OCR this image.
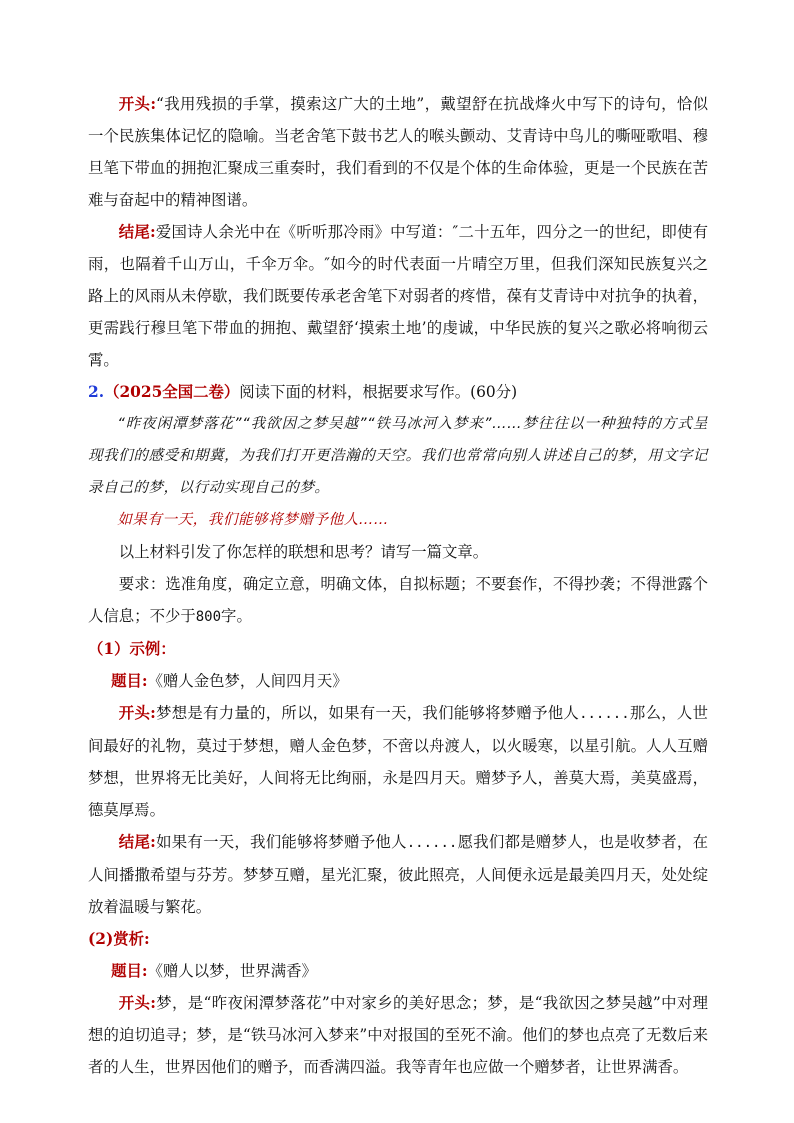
开头:“我用残损的手掌，摸索这广大的土地”，戴望舒在抗战烽火中写下的诗句，恰似一个民族集体记忆的隐喻。当老舍笔下鼓书艺人的喉头颤动、艾青诗中鸟儿的嘶哑歌唱、穆旦笔下带血的拥抱汇聚成三重奏时，我们看到的不仅是个体的生命体验，更是一个民族在苦难与奋起中的精神图谱。

结尾:爱国诗人余光中在《听听那冷雨》中写道：″二十五年，四分之一的世纪，即使有雨，也隔着千山万山，千伞万伞。″如今的时代表面一片晴空万里，但我们深知民族复兴之路上的风雨从未停歇，我们既要传承老舍笔下对弱者的疼惜，葆有艾青诗中对抗争的执着，更需践行穆旦笔下带血的拥抱、戴望舒‘摸索土地’的虔诚，中华民族的复兴之歌必将响彻云霄。

2.（2025全国二卷）阅读下面的材料，根据要求写作。(60分)

“昨夜闲潭梦落花”“我欲因之梦吴越”“铁马冰河入梦来”……梦往往以一种独特的方式呈现我们的感受和期冀，为我们打开更浩瀚的天空。我们也常常向别人讲述自己的梦，用文字记录自己的梦，以行动实现自己的梦。

如果有一天，我们能够将梦赠予他人……

以上材料引发了你怎样的联想和思考？请写一篇文章。

要求：选准角度，确定立意，明确文体，自拟标题；不要套作，不得抄袭；不得泄露个人信息；不少于800字。

（1）示例：

题目:《赠人金色梦，人间四月天》

开头:梦想是有力量的，所以，如果有一天，我们能够将梦赠予他人......那么，人世间最好的礼物，莫过于梦想，赠人金色梦，不啻以舟渡人，以火暖寒，以星引航。人人互赠梦想，世界将无比美好，人间将无比绚丽，永是四月天。赠梦予人，善莫大焉，美莫盛焉，德莫厚焉。

结尾:如果有一天，我们能够将梦赠予他人......愿我们都是赠梦人，也是收梦者，在人间播撒希望与芬芳。梦梦互赠，星光汇聚，彼此照亮，人间便永远是最美四月天，处处绽放着温暖与繁花。

(2)赏析:

题目:《赠人以梦，世界满香》

开头:梦，是“昨夜闲潭梦落花”中对家乡的美好思念；梦，是“我欲因之梦吴越”中对理想的迫切追寻；梦，是“铁马冰河入梦来”中对报国的至死不渝。他们的梦也点亮了无数后来者的人生，世界因他们的赠予，而香满四溢。我等青年也应做一个赠梦者，让世界满香。
